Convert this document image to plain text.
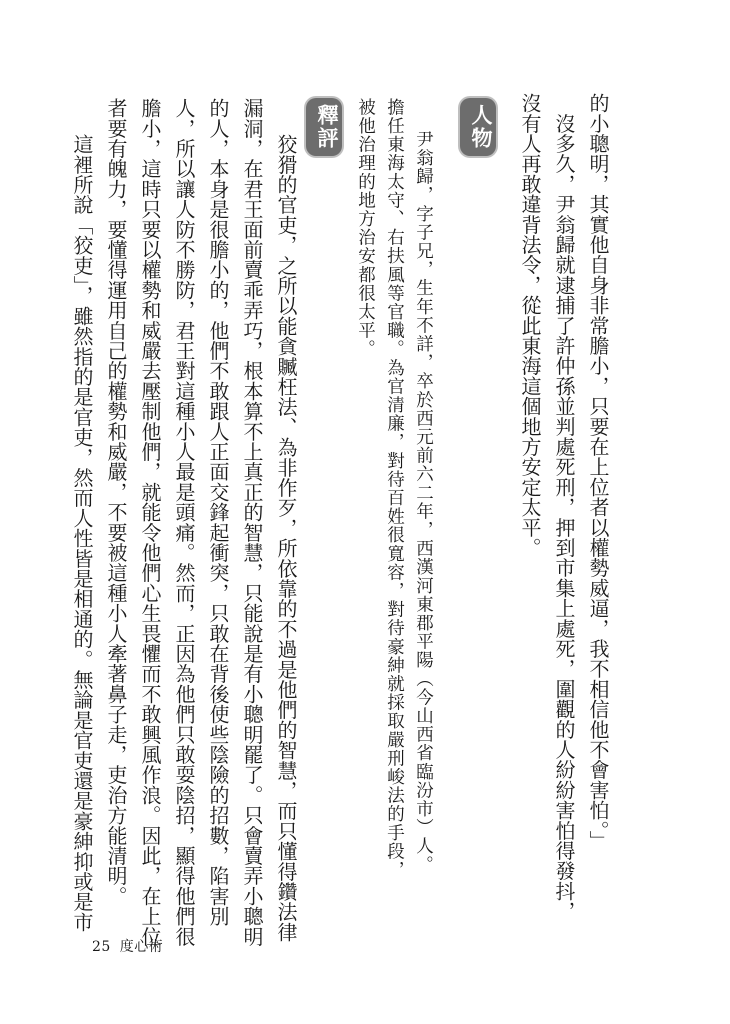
的小聰明，其實他自身非常膽小，只要在上位者以權勢威逼，我不相信他不會害怕。」
　沒多久，尹翁歸就逮捕了許仲孫並判處死刑，押到市集上處死，圍觀的人紛紛害怕得發抖，
沒有人再敢違背法令，從此東海這個地方安定太平。
人物
尹翁歸，字子兄，生年不詳，卒於西元前六二年，西漢河東郡平陽（今山西省臨汾市）人。
擔任東海太守、右扶風等官職。為官清廉，對待百姓很寬容，對待豪紳就採取嚴刑峻法的手段，
被他治理的地方治安都很太平。
釋評
狡猾的官吏，之所以能貪贓枉法、為非作歹，所依靠的不過是他們的智慧，而只懂得鑽法律
漏洞，在君王面前賣乖弄巧，根本算不上真正的智慧，只能說是有小聰明罷了。只會賣弄小聰明
的人，本身是很膽小的，他們不敢跟人正面交鋒起衝突，只敢在背後使些陰險的招數，陷害別
人，所以讓人防不勝防，君王對這種小人最是頭痛。然而，正因為他們只敢耍陰招，顯得他們很
膽小，這時只要以權勢和威嚴去壓制他們，就能令他們心生畏懼而不敢興風作浪。因此，在上位
者要有魄力，要懂得運用自己的權勢和威嚴，不要被這種小人牽著鼻子走，吏治方能清明。
這裡所說「狡吏」，雖然指的是官吏，然而人性皆是相通的。無論是官吏還是豪紳抑或是市
25 度心術
